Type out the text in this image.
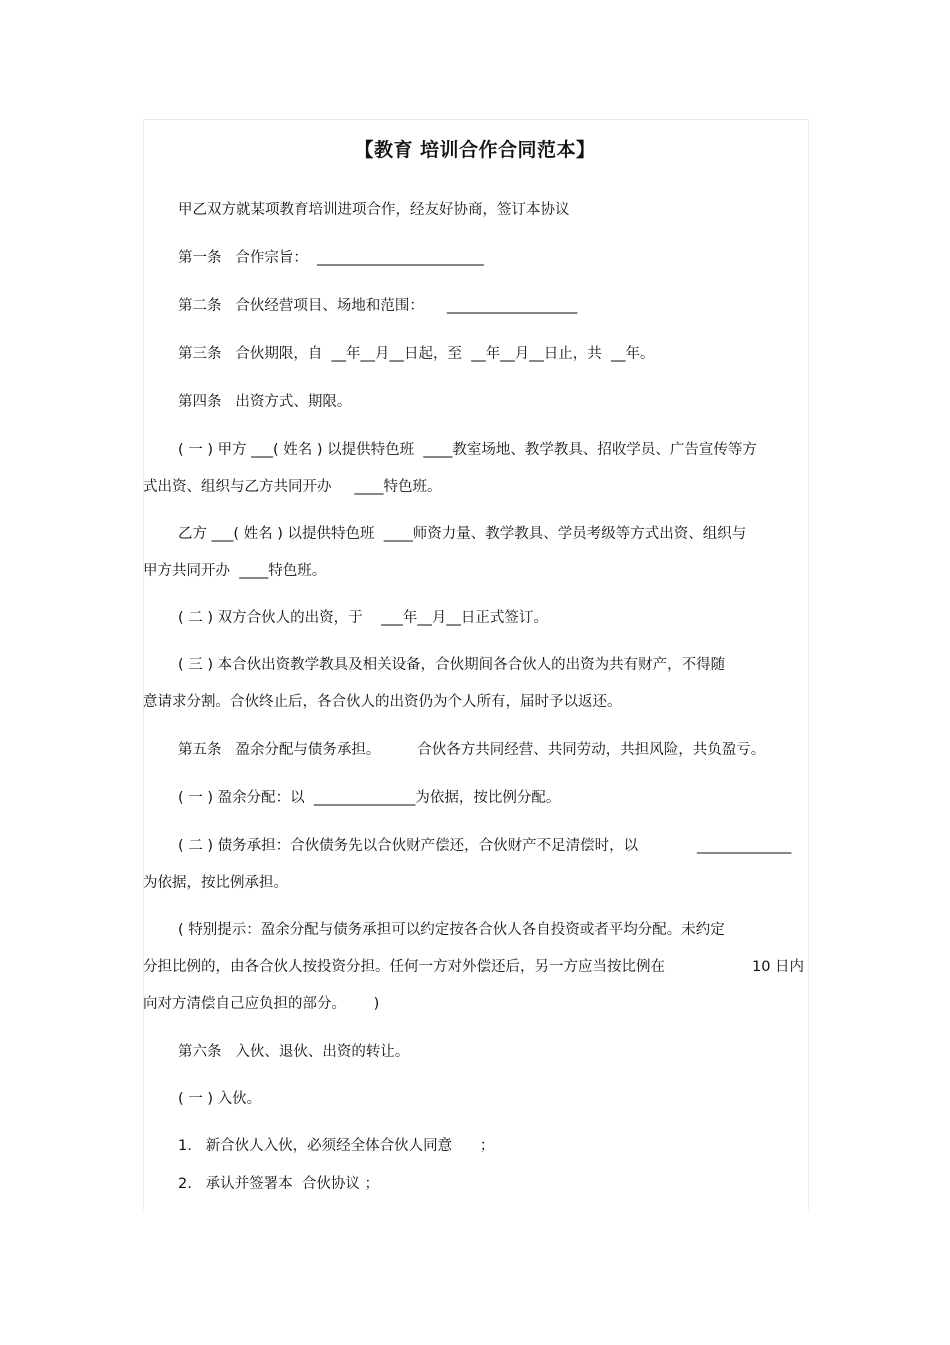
【教育 培训合作合同范本】
甲乙双方就某项教育培训进项合作，经友好协商，签订本协议
第一条   合作宗旨：  _______________________
第二条   合伙经营项目、场地和范围：     __________________
第三条   合伙期限，自  __年__月__日起，至  __年__月__日止，共  __年。
第四条   出资方式、期限。
( 一 ) 甲方 ___( 姓名 ) 以提供特色班  ____教室场地、教学教具、招收学员、广告宣传等方
式出资、组织与乙方共同开办     ____特色班。
乙方 ___( 姓名 ) 以提供特色班  ____师资力量、教学教具、学员考级等方式出资、组织与
甲方共同开办  ____特色班。
( 二 ) 双方合伙人的出资，于    ___年__月__日正式签订。
( 三 ) 本合伙出资教学教具及相关设备，合伙期间各合伙人的出资为共有财产，不得随
意请求分割。合伙终止后，各合伙人的出资仍为个人所有，届时予以返还。
第五条   盈余分配与债务承担。        合伙各方共同经营、共同劳动，共担风险，共负盈亏。
( 一 ) 盈余分配：以  ______________为依据，按比例分配。
( 二 ) 债务承担：合伙债务先以合伙财产偿还，合伙财产不足清偿时，以	_____________
为依据，按比例承担。
( 特别提示：盈余分配与债务承担可以约定按各合伙人各自投资或者平均分配。未约定
分担比例的，由各合伙人按投资分担。任何一方对外偿还后，另一方应当按比例在	10 日内
向对方清偿自己应负担的部分。      )
第六条   入伙、退伙、出资的转让。
( 一 ) 入伙。
1.   新合伙人入伙，必须经全体合伙人同意      ；
2.   承认并签署本  合伙协议 ；
